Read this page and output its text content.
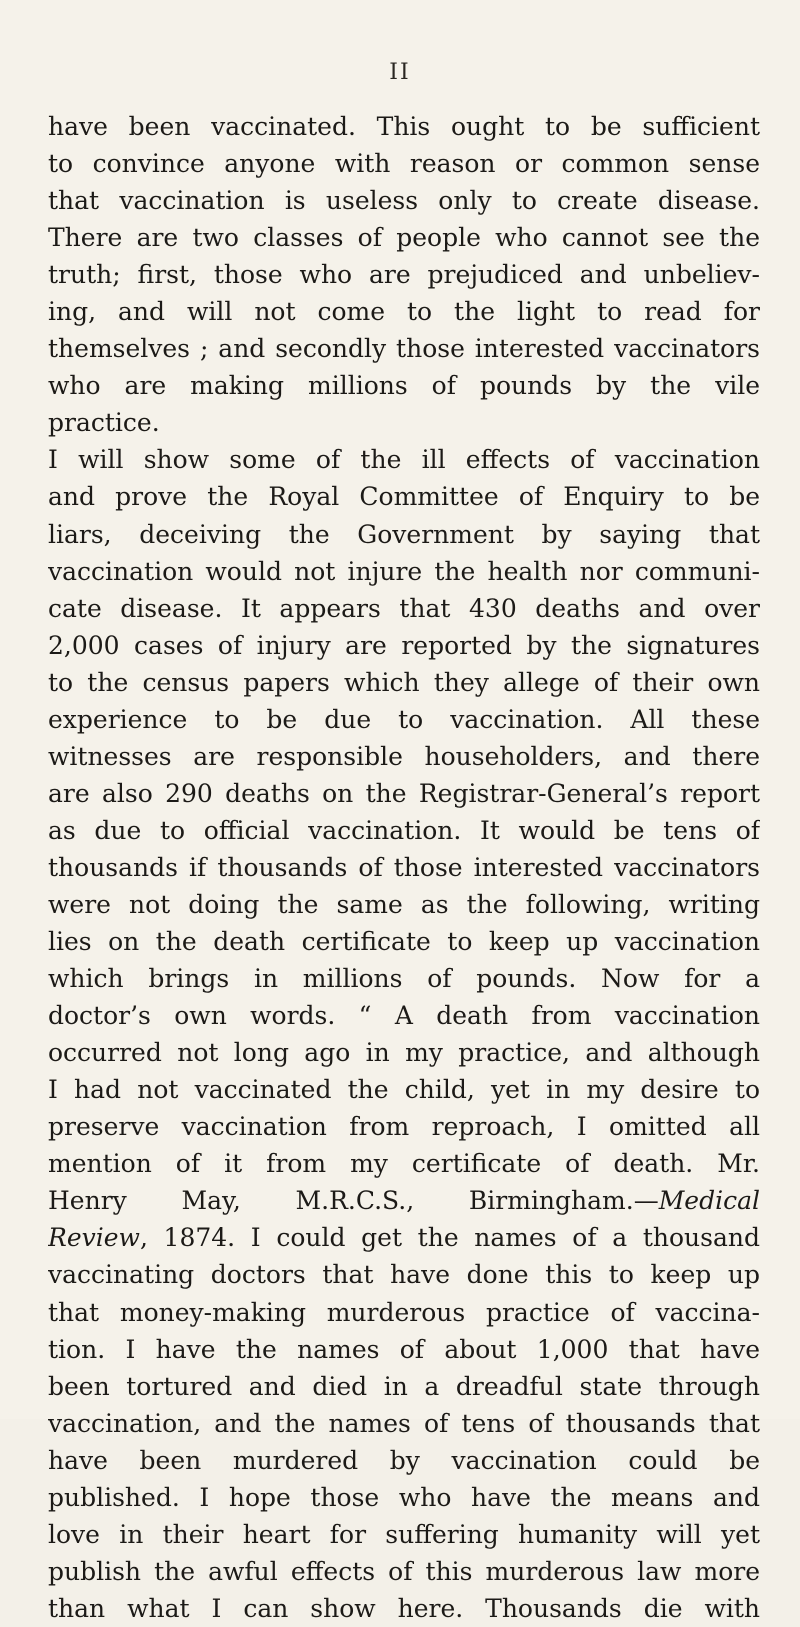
II
have been vaccinated. This ought to be sufficient
to convince anyone with reason or common sense
that vaccination is useless only to create disease.
There are two classes of people who cannot see the
truth; first, those who are prejudiced and unbeliev-
ing, and will not come to the light to read for
themselves ; and secondly those interested vaccinators
who are making millions of pounds by the vile
practice.
I will show some of the ill effects of vaccination
and prove the Royal Committee of Enquiry to be
liars, deceiving the Government by saying that
vaccination would not injure the health nor communi-
cate disease. It appears that 430 deaths and over
2,000 cases of injury are reported by the signatures
to the census papers which they allege of their own
experience to be due to vaccination. All these
witnesses are responsible householders, and there
are also 290 deaths on the Registrar-General’s report
as due to official vaccination. It would be tens of
thousands if thousands of those interested vaccinators
were not doing the same as the following, writing
lies on the death certificate to keep up vaccination
which brings in millions of pounds. Now for a
doctor’s own words. “ A death from vaccination
occurred not long ago in my practice, and although
I had not vaccinated the child, yet in my desire to
preserve vaccination from reproach, I omitted all
mention of it from my certificate of death. Mr.
Henry May, M.R.C.S., Birmingham.—Medical
Review, 1874. I could get the names of a thousand
vaccinating doctors that have done this to keep up
that money-making murderous practice of vaccina-
tion. I have the names of about 1,000 that have
been tortured and died in a dreadful state through
vaccination, and the names of tens of thousands that
have been murdered by vaccination could be
published. I hope those who have the means and
love in their heart for suffering humanity will yet
publish the awful effects of this murderous law more
than what I can show here. Thousands die with
